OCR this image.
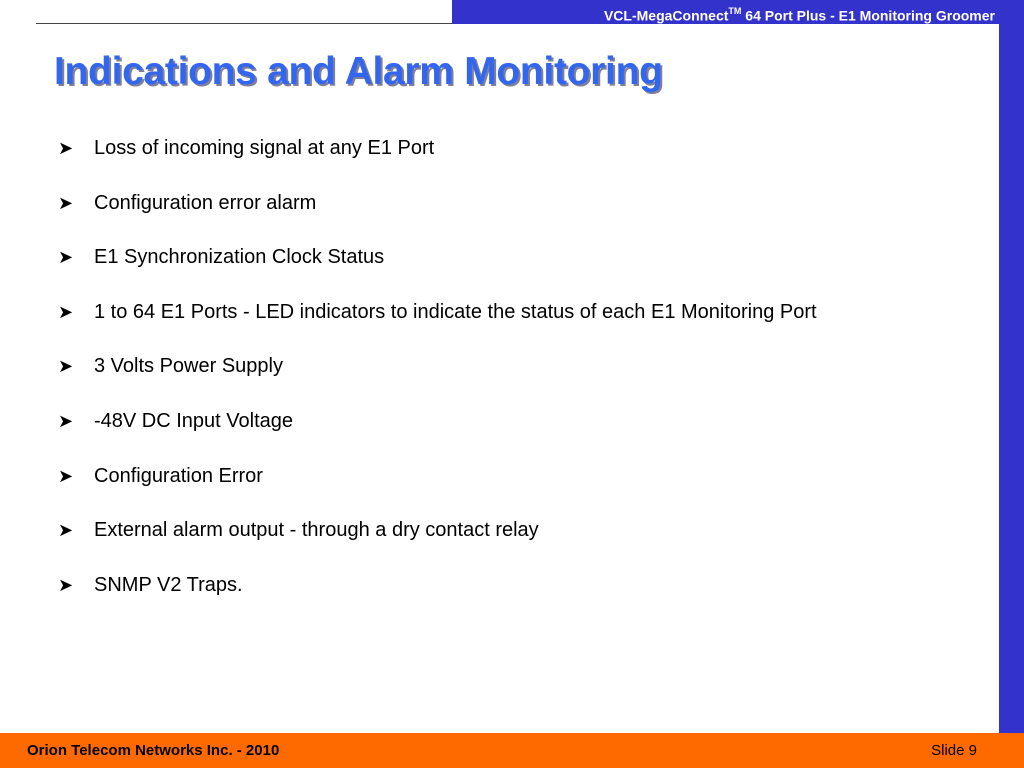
VCL-MegaConnect™ 64 Port Plus - E1 Monitoring Groomer
Indications and Alarm Monitoring
➤	Loss of incoming signal at any E1 Port
➤	Configuration error alarm
➤	E1 Synchronization Clock Status
➤	1 to 64 E1 Ports - LED indicators to indicate the status of each E1 Monitoring Port
➤	3 Volts Power Supply
➤	-48V DC Input Voltage
➤	Configuration Error
➤	External alarm output - through a dry contact relay
➤	SNMP V2 Traps.
Orion Telecom Networks Inc. - 2010	Slide 9
